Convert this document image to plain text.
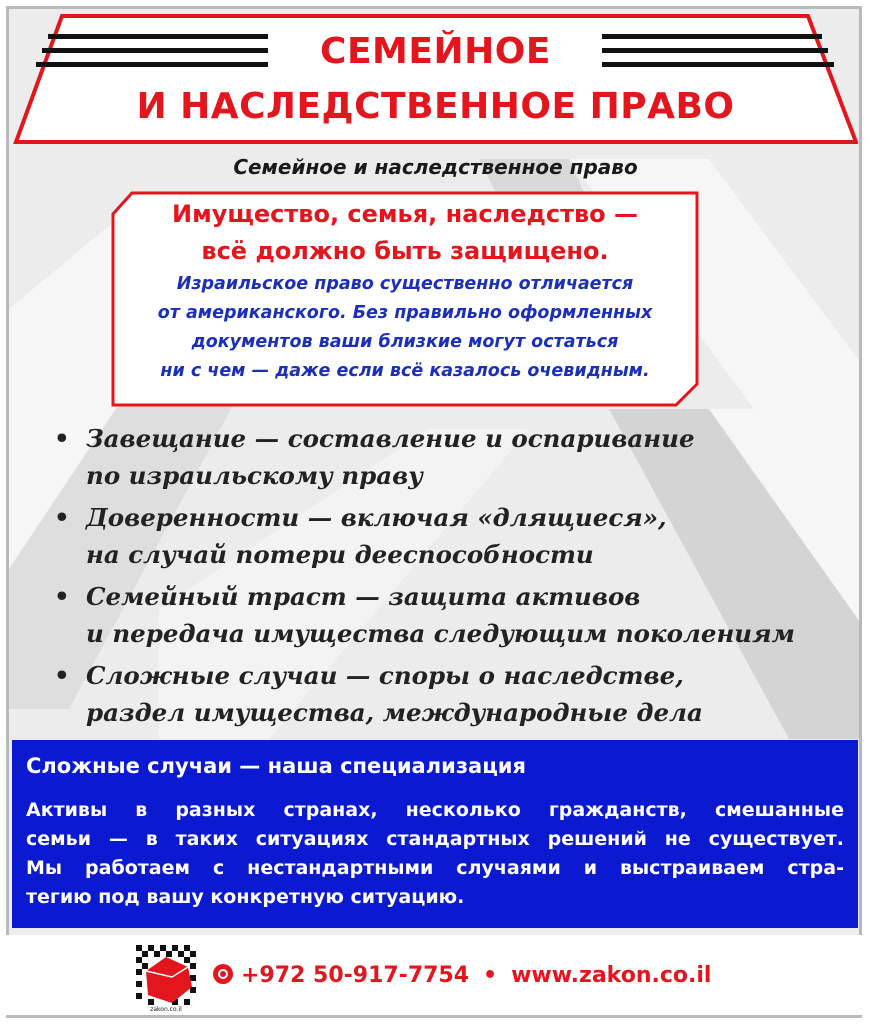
СЕМЕЙНОЕ
И НАСЛЕДСТВЕННОЕ ПРАВО
Семейное и наследственное право
Имущество, семья, наследство —
всё должно быть защищено.
Израильское право существенно отличается
от американского. Без правильно оформленных
документов ваши близкие могут остаться
ни с чем — даже если всё казалось очевидным.
• Завещание — составление и оспаривание
по израильскому праву
• Доверенности — включая «длящиеся»,
на случай потери дееспособности
• Семейный траст — защита активов
и передача имущества следующим поколениям
• Сложные случаи — споры о наследстве,
раздел имущества, международные дела
Сложные случаи — наша специализация
Активы в разных странах, несколько гражданств, смешанные
семьи — в таких ситуациях стандартных решений не существует.
Мы работаем с нестандартными случаями и выстраиваем стра-
тегию под вашу конкретную ситуацию.
zakon.co.il
+972 50-917-7754 • www.zakon.co.il
